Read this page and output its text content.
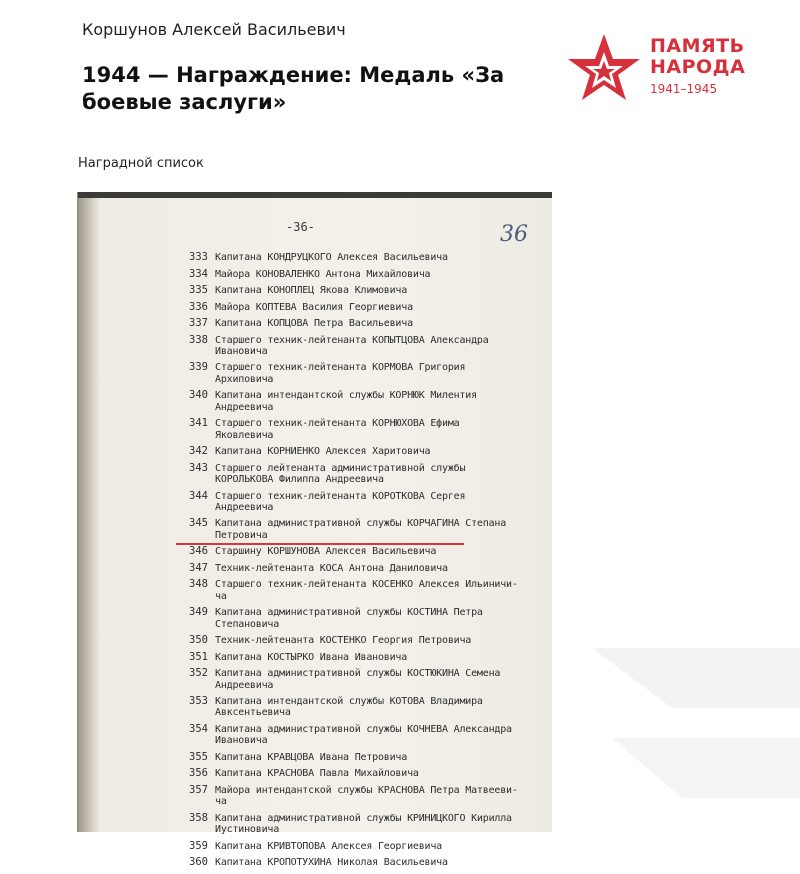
Коршунов Алексей Васильевич
1944 — Награждение: Медаль «За боевые заслуги»
ПАМЯТЬ
НАРОДА
1941–1945
Наградной список
-36-	36
333 Капитана КОНДРУЦКОГО Алексея Васильевича
334 Майора КОНОВАЛЕНКО Антона Михайловича
335 Капитана КОНОПЛЕЦ Якова Климовича
336 Майора КОПТЕВА Василия Георгиевича
337 Капитана КОПЦОВА Петра Васильевича
338 Старшего техник-лейтенанта КОПЫТЦОВА Александра
Ивановича
339 Старшего техник-лейтенанта КОРМОВА Григория
Архиповича
340 Капитана интендантской службы КОРНЮК Милентия
Андреевича
341 Старшего техник-лейтенанта КОРНЮХОВА Ефима
Яковлевича
342 Капитана КОРНИЕНКО Алексея Харитовича
343 Старшего лейтенанта административной службы
КОРОЛЬКОВА Филиппа Андреевича
344 Старшего техник-лейтенанта КОРОТКОВА Сергея
Андреевича
345 Капитана административной службы КОРЧАГИНА Степана
Петровича
346 Старшину КОРШУНОВА Алексея Васильевича
347 Техник-лейтенанта КОСА Антона Даниловича
348 Старшего техник-лейтенанта КОСЕНКО Алексея Ильиничи-
ча
349 Капитана административной службы КОСТИНА Петра
Степановича
350 Техник-лейтенанта КОСТЕНКО Георгия Петровича
351 Капитана КОСТЫРКО Ивана Ивановича
352 Капитана административной службы КОСТЮКИНА Семена
Андреевича
353 Капитана интендантской службы КОТОВА Владимира
Авксентьевича
354 Капитана административной службы КОЧНЕВА Александра
Ивановича
355 Капитана КРАВЦОВА Ивана Петровича
356 Капитана КРАСНОВА Павла Михайловича
357 Майора интендантской службы КРАСНОВА Петра Матвееви-
ча
358 Капитана административной службы КРИНИЦКОГО Кирилла
Иустиновича
359 Капитана КРИВТОПОВА Алексея Георгиевича
360 Капитана КРОПОТУХИНА Николая Васильевича
